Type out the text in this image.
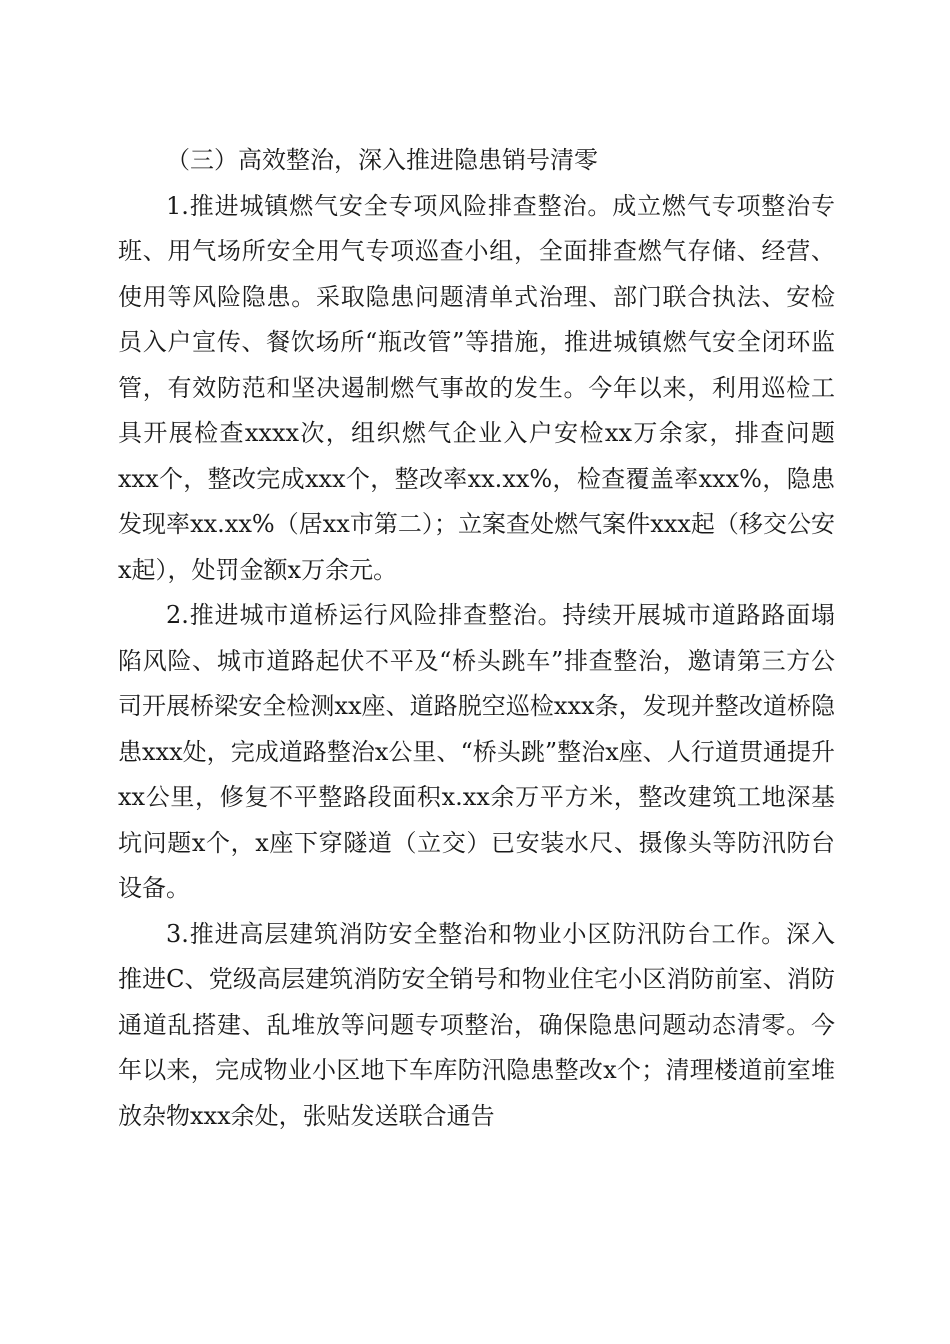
（三）高效整治，深入推进隐患销号清零

1.推进城镇燃气安全专项风险排查整治。成立燃气专项整治专班、用气场所安全用气专项巡查小组，全面排查燃气存储、经营、使用等风险隐患。采取隐患问题清单式治理、部门联合执法、安检员入户宣传、餐饮场所“瓶改管”等措施，推进城镇燃气安全闭环监管，有效防范和坚决遏制燃气事故的发生。今年以来，利用巡检工具开展检查xxxx次，组织燃气企业入户安检xx万余家，排查问题xxx个，整改完成xxx个，整改率xx.xx%，检查覆盖率xxx%，隐患发现率xx.xx%（居xx市第二）；立案查处燃气案件xxx起（移交公安x起），处罚金额x万余元。

2.推进城市道桥运行风险排查整治。持续开展城市道路路面塌陷风险、城市道路起伏不平及“桥头跳车”排查整治，邀请第三方公司开展桥梁安全检测xx座、道路脱空巡检xxx条，发现并整改道桥隐患xxx处，完成道路整治x公里、“桥头跳”整治x座、人行道贯通提升xx公里，修复不平整路段面积x.xx余万平方米，整改建筑工地深基坑问题x个，x座下穿隧道（立交）已安装水尺、摄像头等防汛防台设备。

3.推进高层建筑消防安全整治和物业小区防汛防台工作。深入推进C、党级高层建筑消防安全销号和物业住宅小区消防前室、消防通道乱搭建、乱堆放等问题专项整治，确保隐患问题动态清零。今年以来，完成物业小区地下车库防汛隐患整改x个；清理楼道前室堆放杂物xxx余处，张贴发送联合通告
